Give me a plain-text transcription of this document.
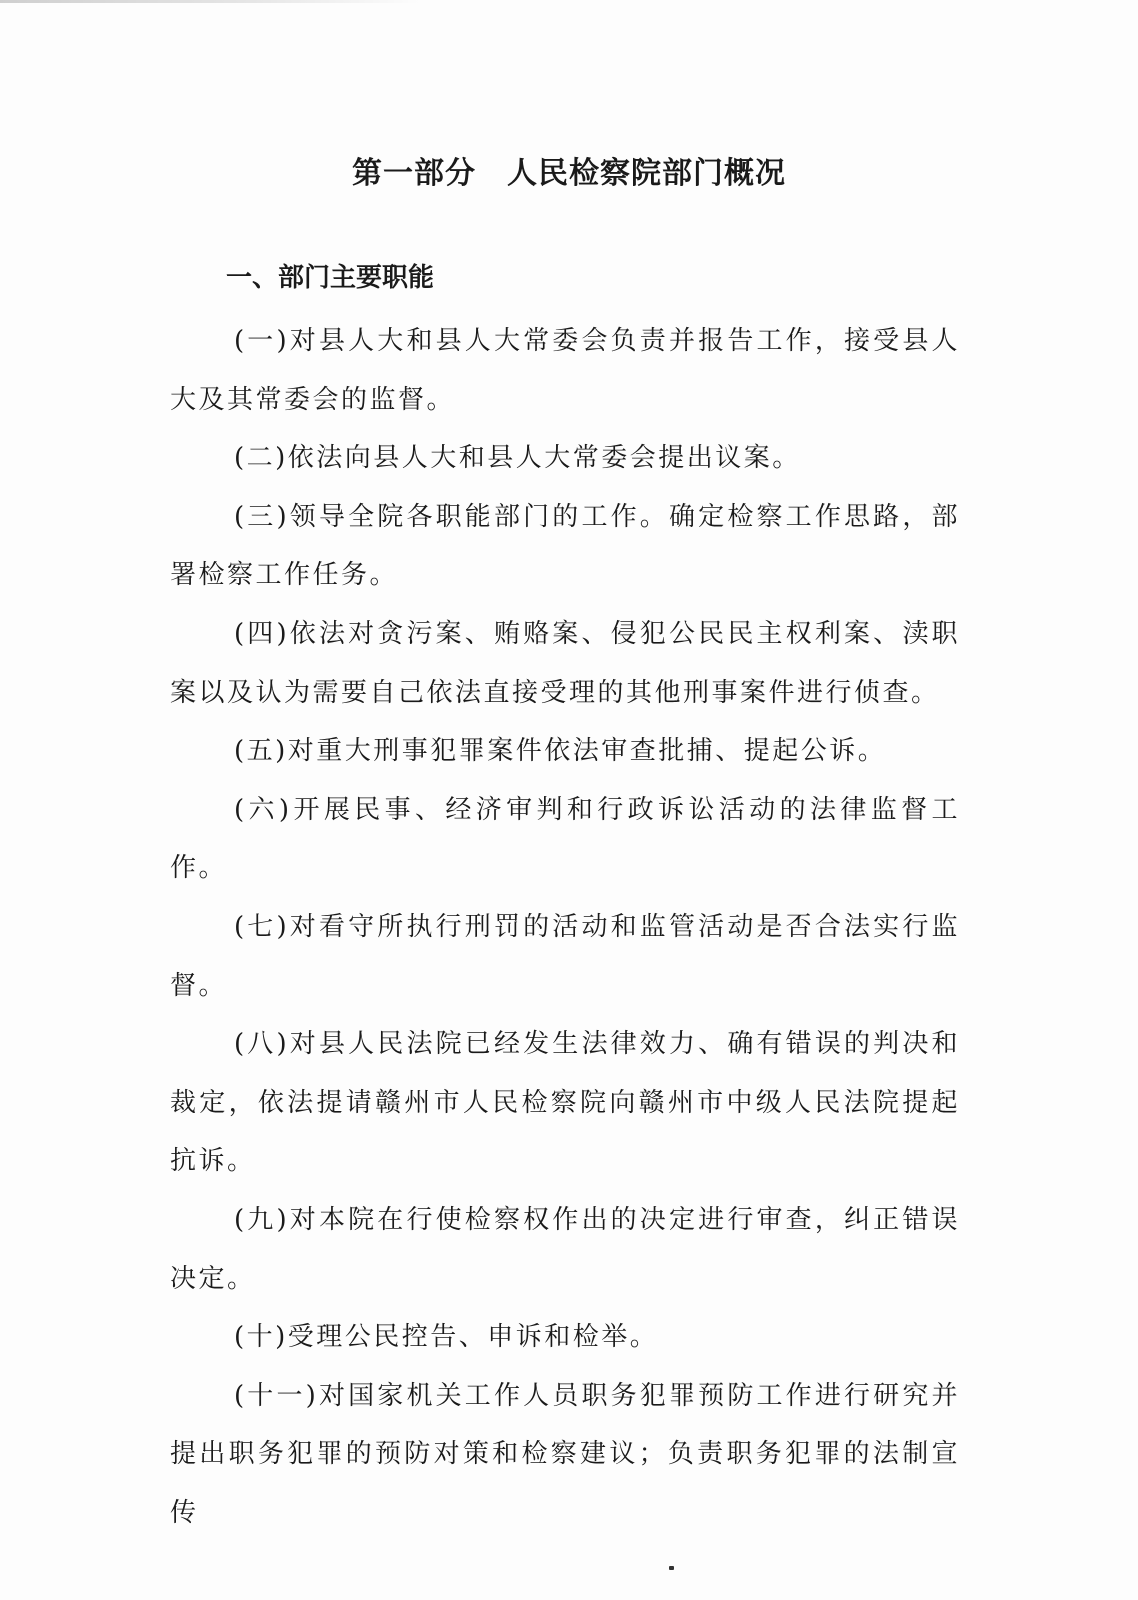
第一部分　人民检察院部门概况
一、部门主要职能

(一)对县人大和县人大常委会负责并报告工作，接受县人大及其常委会的监督。

(二)依法向县人大和县人大常委会提出议案。

(三)领导全院各职能部门的工作。确定检察工作思路，部署检察工作任务。

(四)依法对贪污案、贿赂案、侵犯公民民主权利案、渎职案以及认为需要自己依法直接受理的其他刑事案件进行侦查。

(五)对重大刑事犯罪案件依法审查批捕、提起公诉。

(六)开展民事、经济审判和行政诉讼活动的法律监督工作。

(七)对看守所执行刑罚的活动和监管活动是否合法实行监督。

(八)对县人民法院已经发生法律效力、确有错误的判决和裁定，依法提请赣州市人民检察院向赣州市中级人民法院提起抗诉。

(九)对本院在行使检察权作出的决定进行审查，纠正错误决定。

(十)受理公民控告、申诉和检举。

(十一)对国家机关工作人员职务犯罪预防工作进行研究并提出职务犯罪的预防对策和检察建议；负责职务犯罪的法制宣传
